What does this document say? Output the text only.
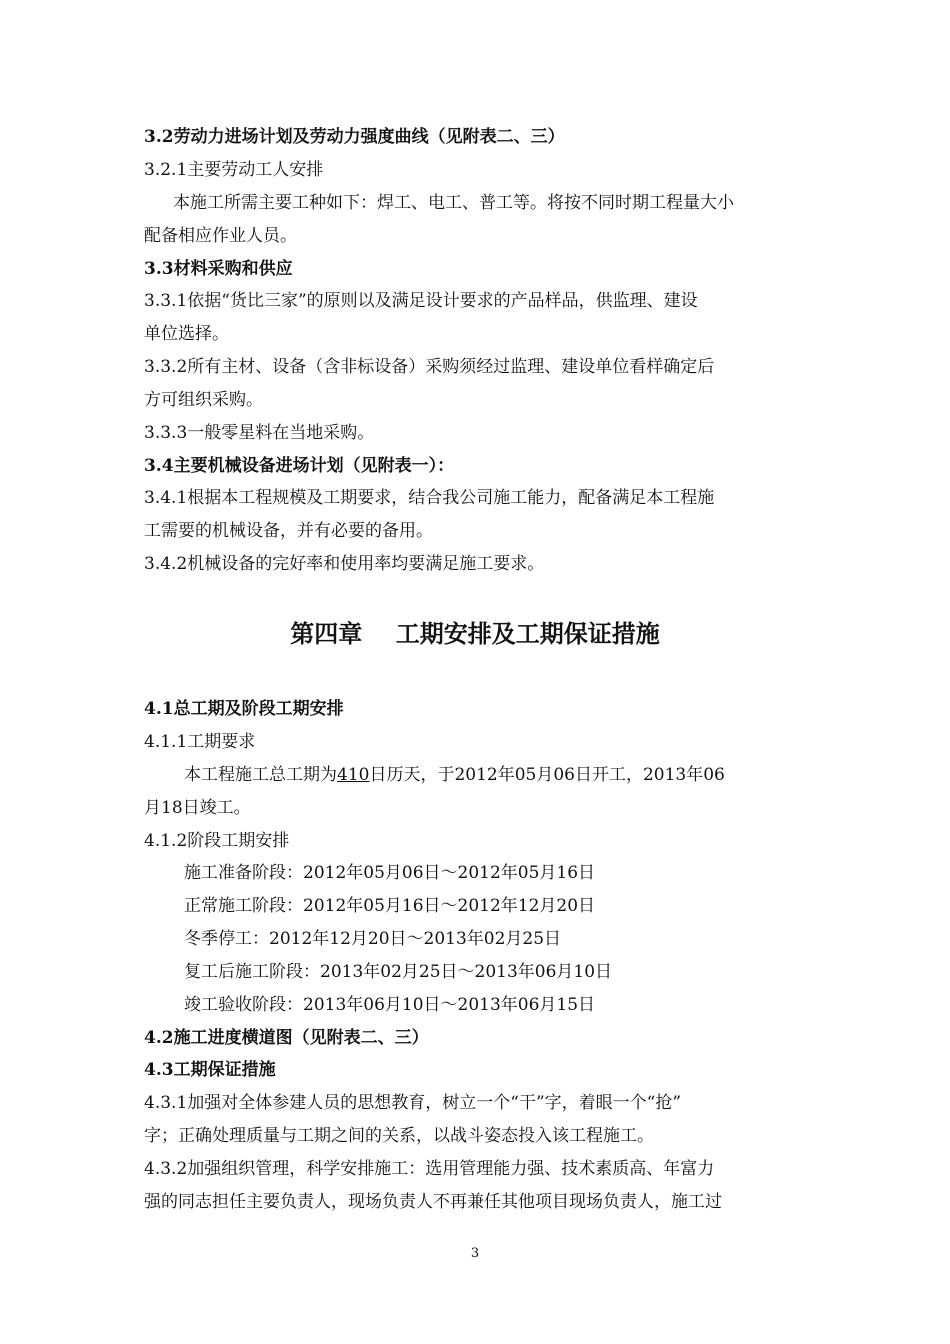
3.2劳动力进场计划及劳动力强度曲线（见附表二、三）
3.2.1主要劳动工人安排
本施工所需主要工种如下：焊工、电工、普工等。将按不同时期工程量大小
配备相应作业人员。
3.3材料采购和供应
3.3.1依据“货比三家”的原则以及满足设计要求的产品样品，供监理、建设
单位选择。
3.3.2所有主材、设备（含非标设备）采购须经过监理、建设单位看样确定后
方可组织采购。
3.3.3一般零星料在当地采购。
3.4主要机械设备进场计划（见附表一）：
3.4.1根据本工程规模及工期要求，结合我公司施工能力，配备满足本工程施
工需要的机械设备，并有必要的备用。
3.4.2机械设备的完好率和使用率均要满足施工要求。
第四章    工期安排及工期保证措施
4.1总工期及阶段工期安排
4.1.1工期要求
本工程施工总工期为410日历天，于2012年05月06日开工，2013年06
月18日竣工。
4.1.2阶段工期安排
施工准备阶段：2012年05月06日～2012年05月16日
正常施工阶段：2012年05月16日～2012年12月20日
冬季停工：2012年12月20日～2013年02月25日
复工后施工阶段：2013年02月25日～2013年06月10日
竣工验收阶段：2013年06月10日～2013年06月15日
4.2施工进度横道图（见附表二、三）
4.3工期保证措施
4.3.1加强对全体参建人员的思想教育，树立一个“干”字，着眼一个“抢”
字；正确处理质量与工期之间的关系，以战斗姿态投入该工程施工。
4.3.2加强组织管理，科学安排施工：选用管理能力强、技术素质高、年富力
强的同志担任主要负责人，现场负责人不再兼任其他项目现场负责人，施工过
3
